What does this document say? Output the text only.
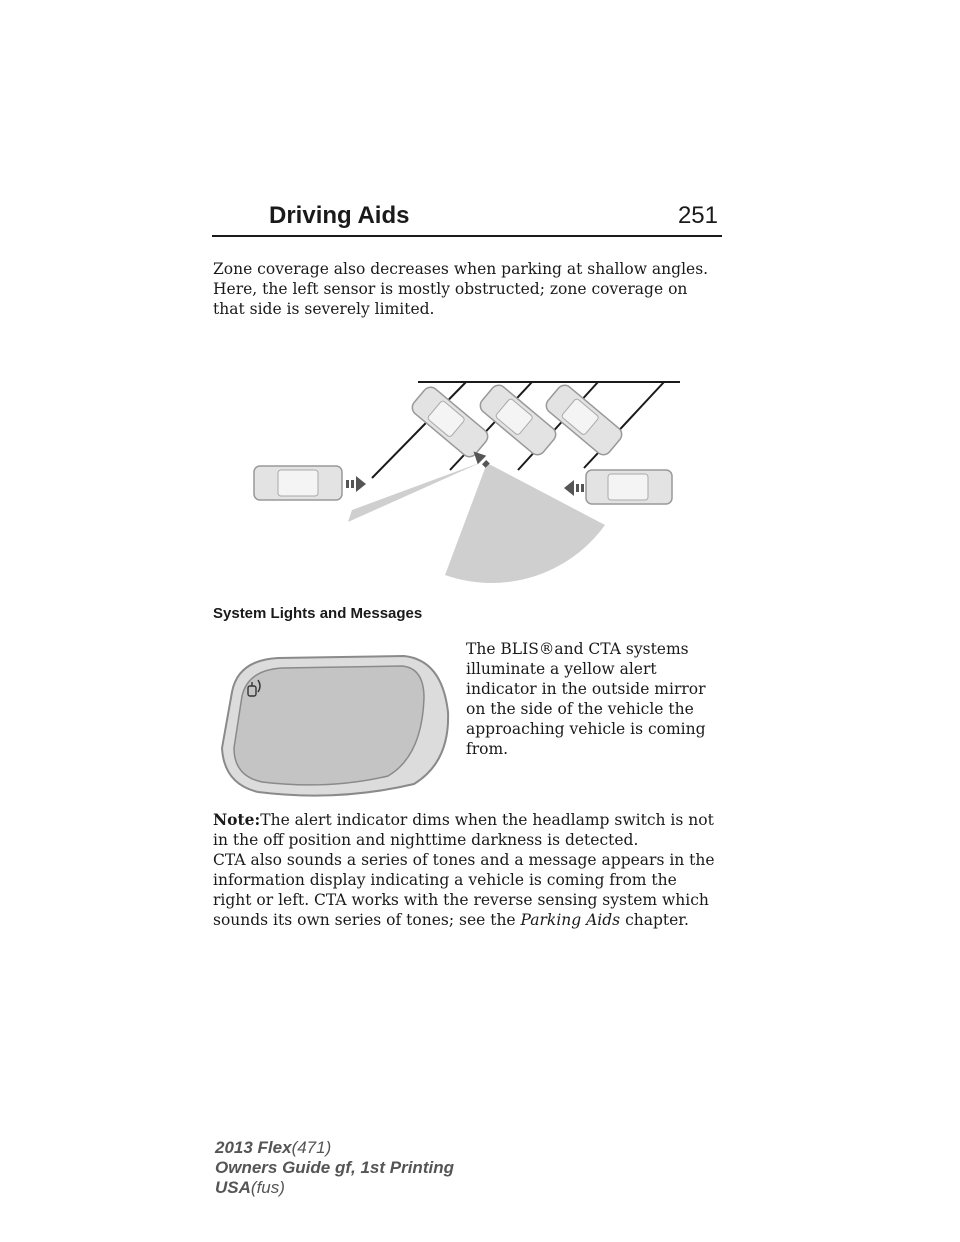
Driving Aids	251

Zone coverage also decreases when parking at shallow angles. Here, the left sensor is mostly obstructed; zone coverage on that side is severely limited.

System Lights and Messages

The BLIS®and CTA systems illuminate a yellow alert indicator in the outside mirror on the side of the vehicle the approaching vehicle is coming from.

Note:The alert indicator dims when the headlamp switch is not in the off position and nighttime darkness is detected.

CTA also sounds a series of tones and a message appears in the information display indicating a vehicle is coming from the right or left. CTA works with the reverse sensing system which sounds its own series of tones; see the Parking Aids chapter.

2013 Flex(471)
Owners Guide gf, 1st Printing
USA(fus)
